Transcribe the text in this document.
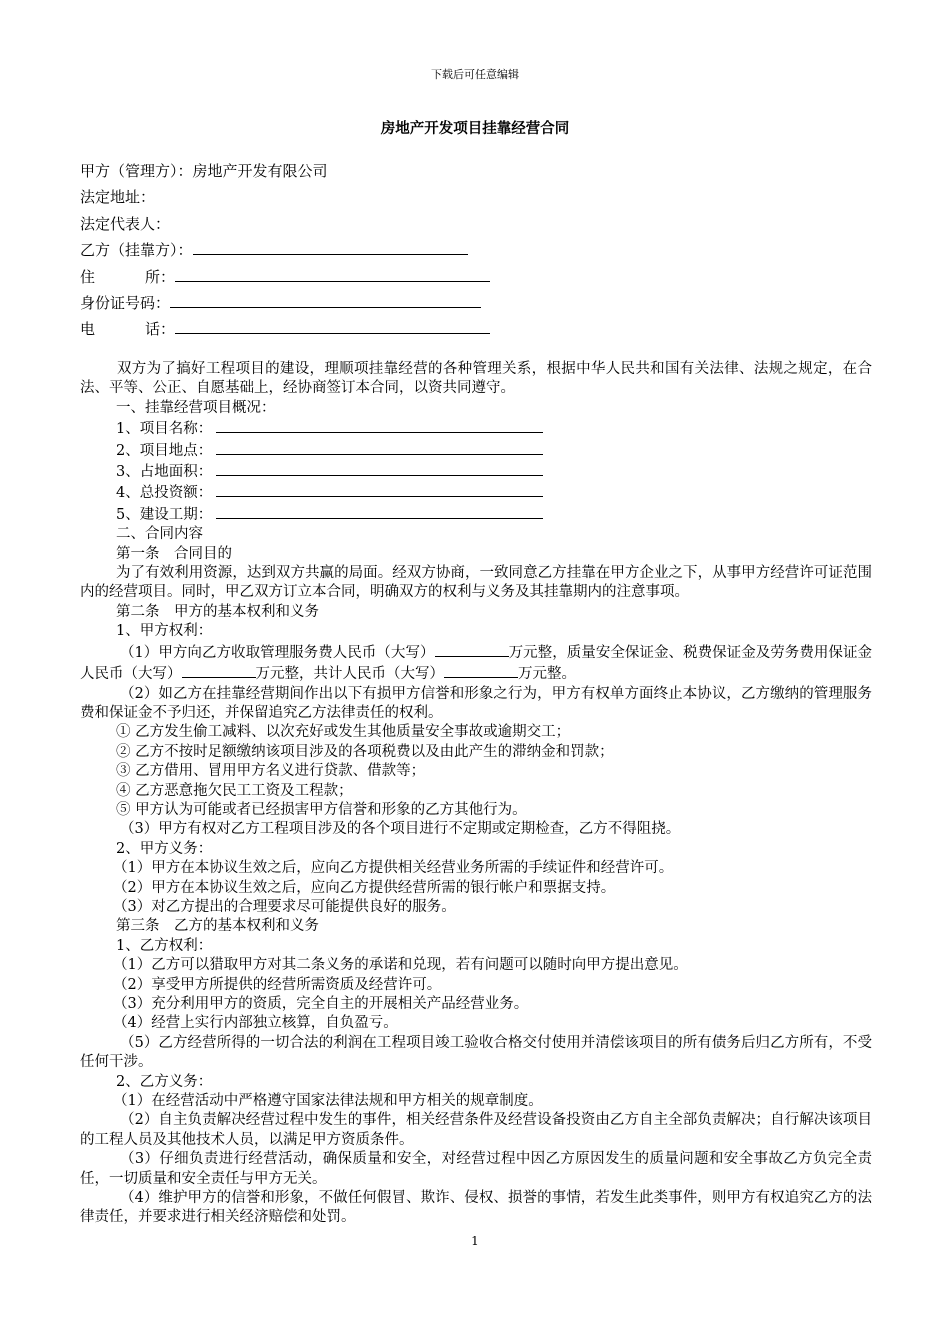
下载后可任意编辑
房地产开发项目挂靠经营合同
甲方（管理方）：房地产开发有限公司
法定地址：
法定代表人：
乙方（挂靠方）：
住	所：
身份证号码：
电	话：

双方为了搞好工程项目的建设，理顺项挂靠经营的各种管理关系，根据中华人民共和国有关法律、法规之规定，在合法、平等、公正、自愿基础上，经协商签订本合同，以资共同遵守。

一、挂靠经营项目概况：

1、项目名称：
2、项目地点：
3、占地面积：
4、总投资额：
5、建设工期：

二、合同内容

第一条　合同目的

为了有效利用资源，达到双方共赢的局面。经双方协商，一致同意乙方挂靠在甲方企业之下，从事甲方经营许可证范围内的经营项目。同时，甲乙双方订立本合同，明确双方的权利与义务及其挂靠期内的注意事项。

第二条　甲方的基本权利和义务

1、甲方权利：

（1）甲方向乙方收取管理服务费人民币（大写）	万元整，质量安全保证金、税费保证金及劳务费用保证金人民币（大写）	万元整，共计人民币（大写）	万元整。

（2）如乙方在挂靠经营期间作出以下有损甲方信誉和形象之行为，甲方有权单方面终止本协议，乙方缴纳的管理服务费和保证金不予归还，并保留追究乙方法律责任的权利。

① 乙方发生偷工减料、以次充好或发生其他质量安全事故或逾期交工；

② 乙方不按时足额缴纳该项目涉及的各项税费以及由此产生的滞纳金和罚款；

③ 乙方借用、冒用甲方名义进行贷款、借款等；

④ 乙方恶意拖欠民工工资及工程款；

⑤ 甲方认为可能或者已经损害甲方信誉和形象的乙方其他行为。

（3）甲方有权对乙方工程项目涉及的各个项目进行不定期或定期检查，乙方不得阻挠。

2、甲方义务：

（1）甲方在本协议生效之后，应向乙方提供相关经营业务所需的手续证件和经营许可。

（2）甲方在本协议生效之后，应向乙方提供经营所需的银行帐户和票据支持。

（3）对乙方提出的合理要求尽可能提供良好的服务。

第三条　乙方的基本权利和义务

1、乙方权利：

（1）乙方可以猎取甲方对其二条义务的承诺和兑现，若有问题可以随时向甲方提出意见。

（2）享受甲方所提供的经营所需资质及经营许可。

（3）充分利用甲方的资质，完全自主的开展相关产品经营业务。

（4）经营上实行内部独立核算，自负盈亏。

（5）乙方经营所得的一切合法的利润在工程项目竣工验收合格交付使用并清偿该项目的所有债务后归乙方所有，不受任何干涉。

2、乙方义务：

（1）在经营活动中严格遵守国家法律法规和甲方相关的规章制度。

（2）自主负责解决经营过程中发生的事件，相关经营条件及经营设备投资由乙方自主全部负责解决；自行解决该项目的工程人员及其他技术人员，以满足甲方资质条件。

（3）仔细负责进行经营活动，确保质量和安全，对经营过程中因乙方原因发生的质量问题和安全事故乙方负完全责任，一切质量和安全责任与甲方无关。

（4）维护甲方的信誉和形象，不做任何假冒、欺诈、侵权、损誉的事情，若发生此类事件，则甲方有权追究乙方的法律责任，并要求进行相关经济赔偿和处罚。

1
